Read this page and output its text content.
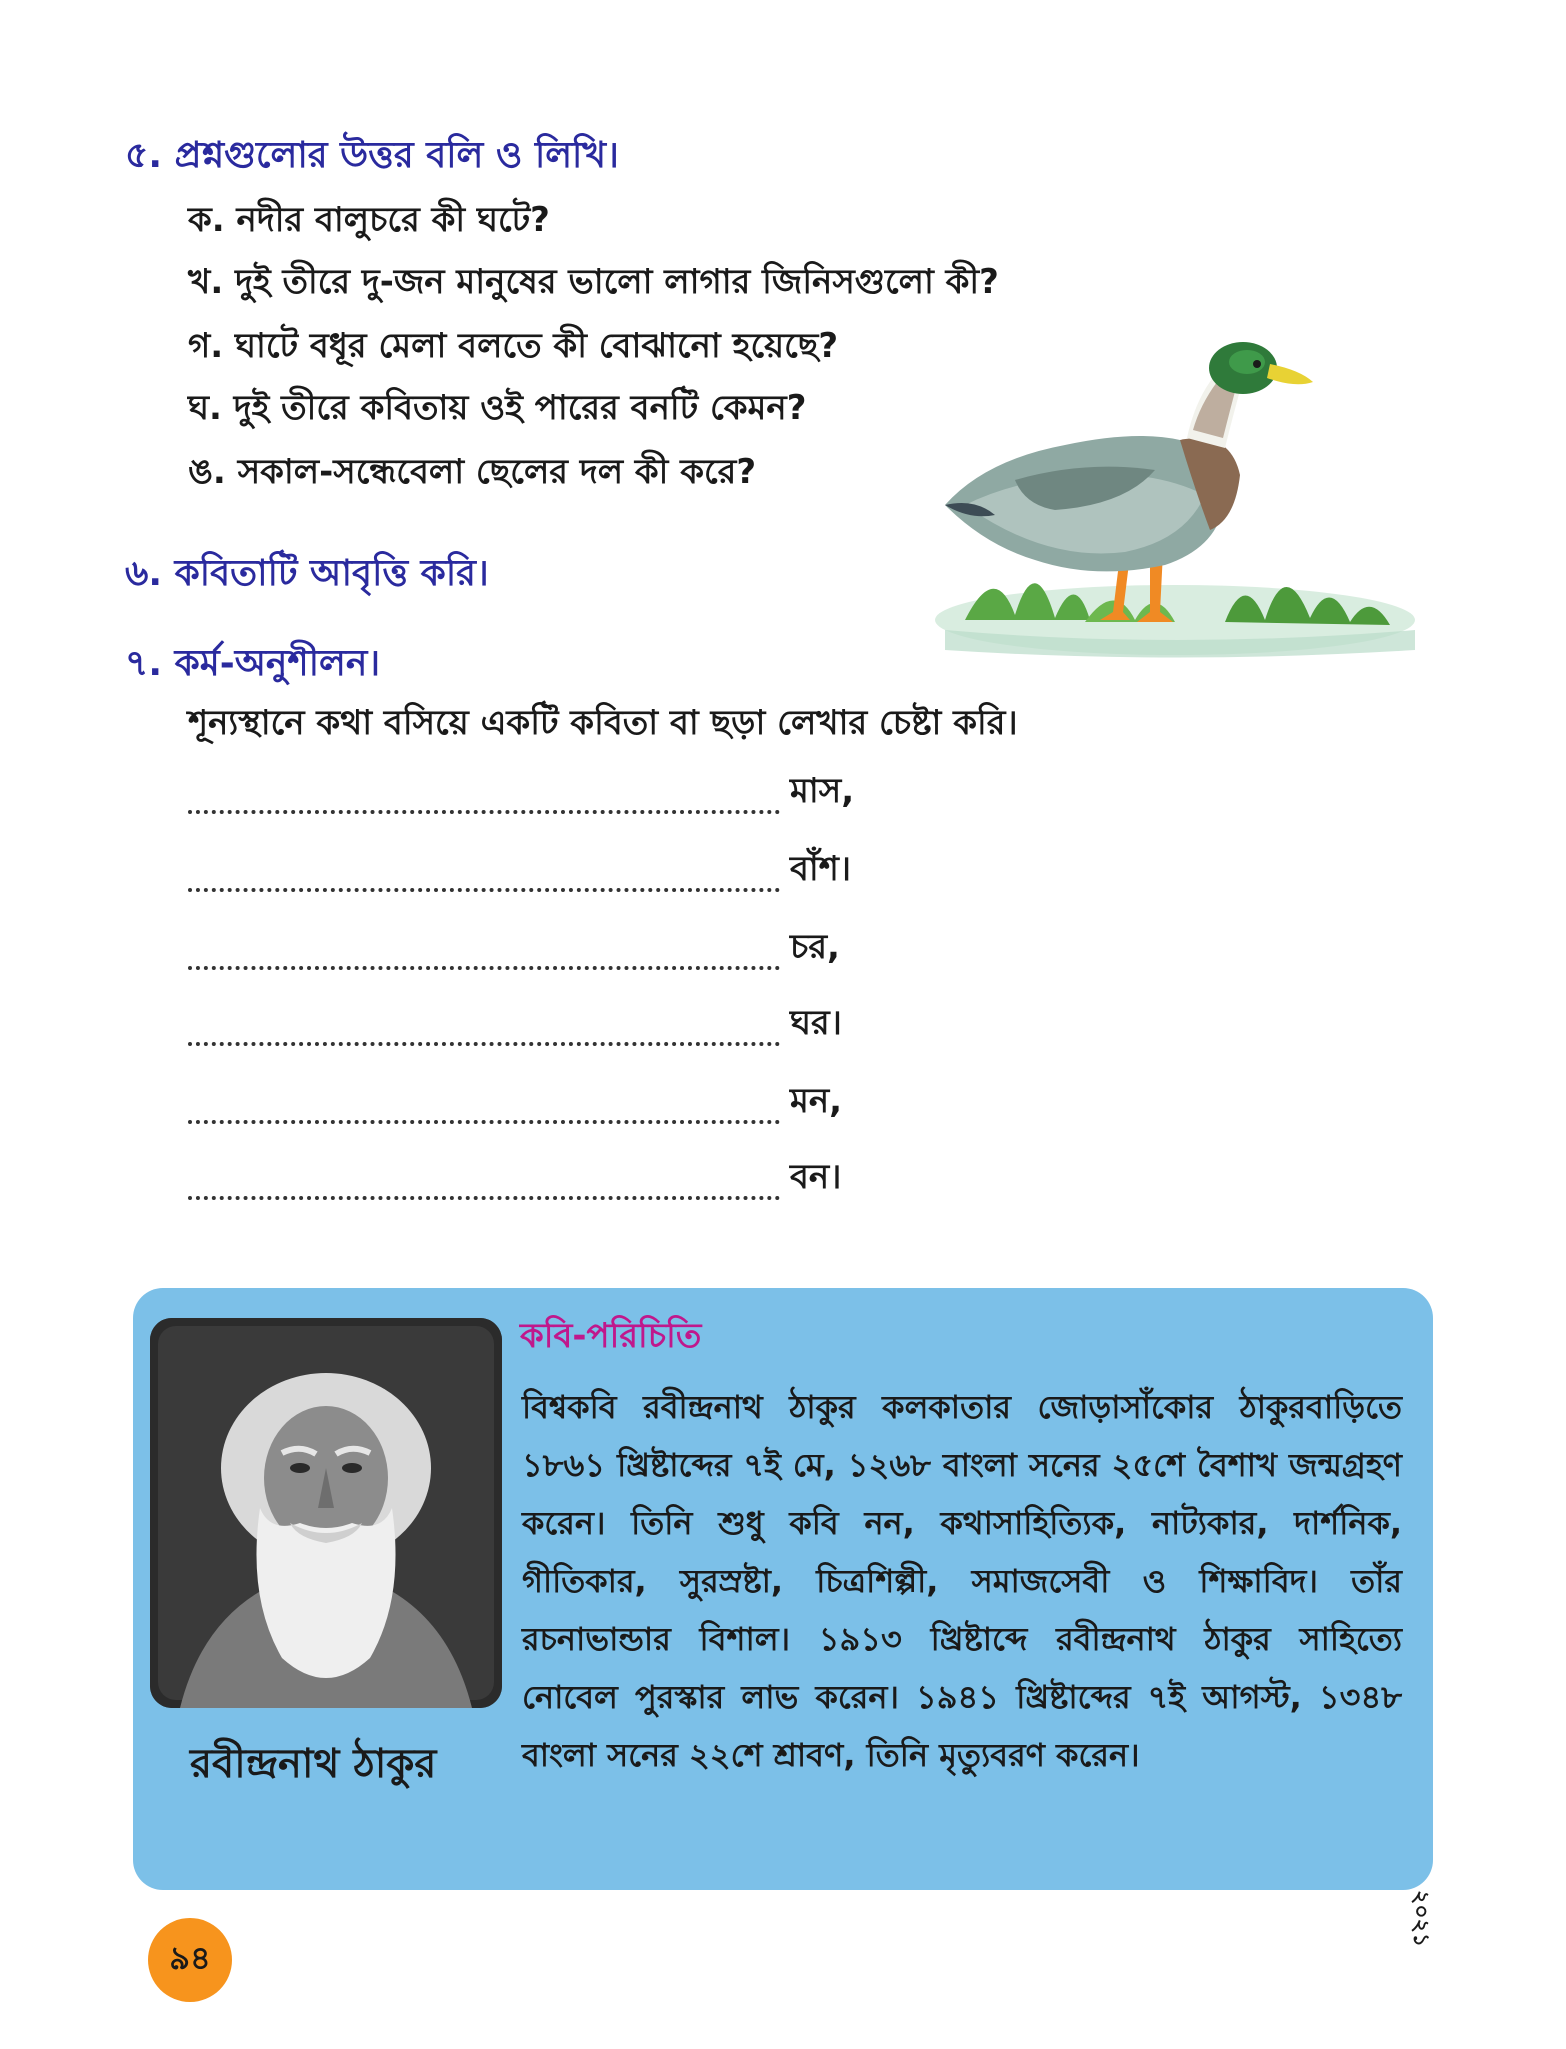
৫. প্রশ্নগুলোর উত্তর বলি ও লিখি।
ক. নদীর বালুচরে কী ঘটে?
খ. দুই তীরে দু-জন মানুষের ভালো লাগার জিনিসগুলো কী?
গ. ঘাটে বধূর মেলা বলতে কী বোঝানো হয়েছে?
ঘ. দুই তীরে কবিতায় ওই পারের বনটি কেমন?
ঙ. সকাল-সন্ধেবেলা ছেলের দল কী করে?
৬. কবিতাটি আবৃত্তি করি।
৭. কর্ম-অনুশীলন।
শূন্যস্থানে কথা বসিয়ে একটি কবিতা বা ছড়া লেখার চেষ্টা করি।
মাস,
বাঁশ।
চর,
ঘর।
মন,
বন।
রবীন্দ্রনাথ ঠাকুর
কবি-পরিচিতি
বিশ্বকবি রবীন্দ্রনাথ ঠাকুর কলকাতার জোড়াসাঁকোর ঠাকুরবাড়িতে ১৮৬১ খ্রিষ্টাব্দের ৭ই মে, ১২৬৮ বাংলা সনের ২৫শে বৈশাখ জন্মগ্রহণ করেন। তিনি শুধু কবি নন, কথাসাহিত্যিক, নাট্যকার, দার্শনিক, গীতিকার, সুরস্রষ্টা, চিত্রশিল্পী, সমাজসেবী ও শিক্ষাবিদ। তাঁর রচনাভান্ডার বিশাল। ১৯১৩ খ্রিষ্টাব্দে রবীন্দ্রনাথ ঠাকুর সাহিত্যে নোবেল পুরস্কার লাভ করেন। ১৯৪১ খ্রিষ্টাব্দের ৭ই আগস্ট, ১৩৪৮ বাংলা সনের ২২শে শ্রাবণ, তিনি মৃত্যুবরণ করেন।
৯৪
২০২১
